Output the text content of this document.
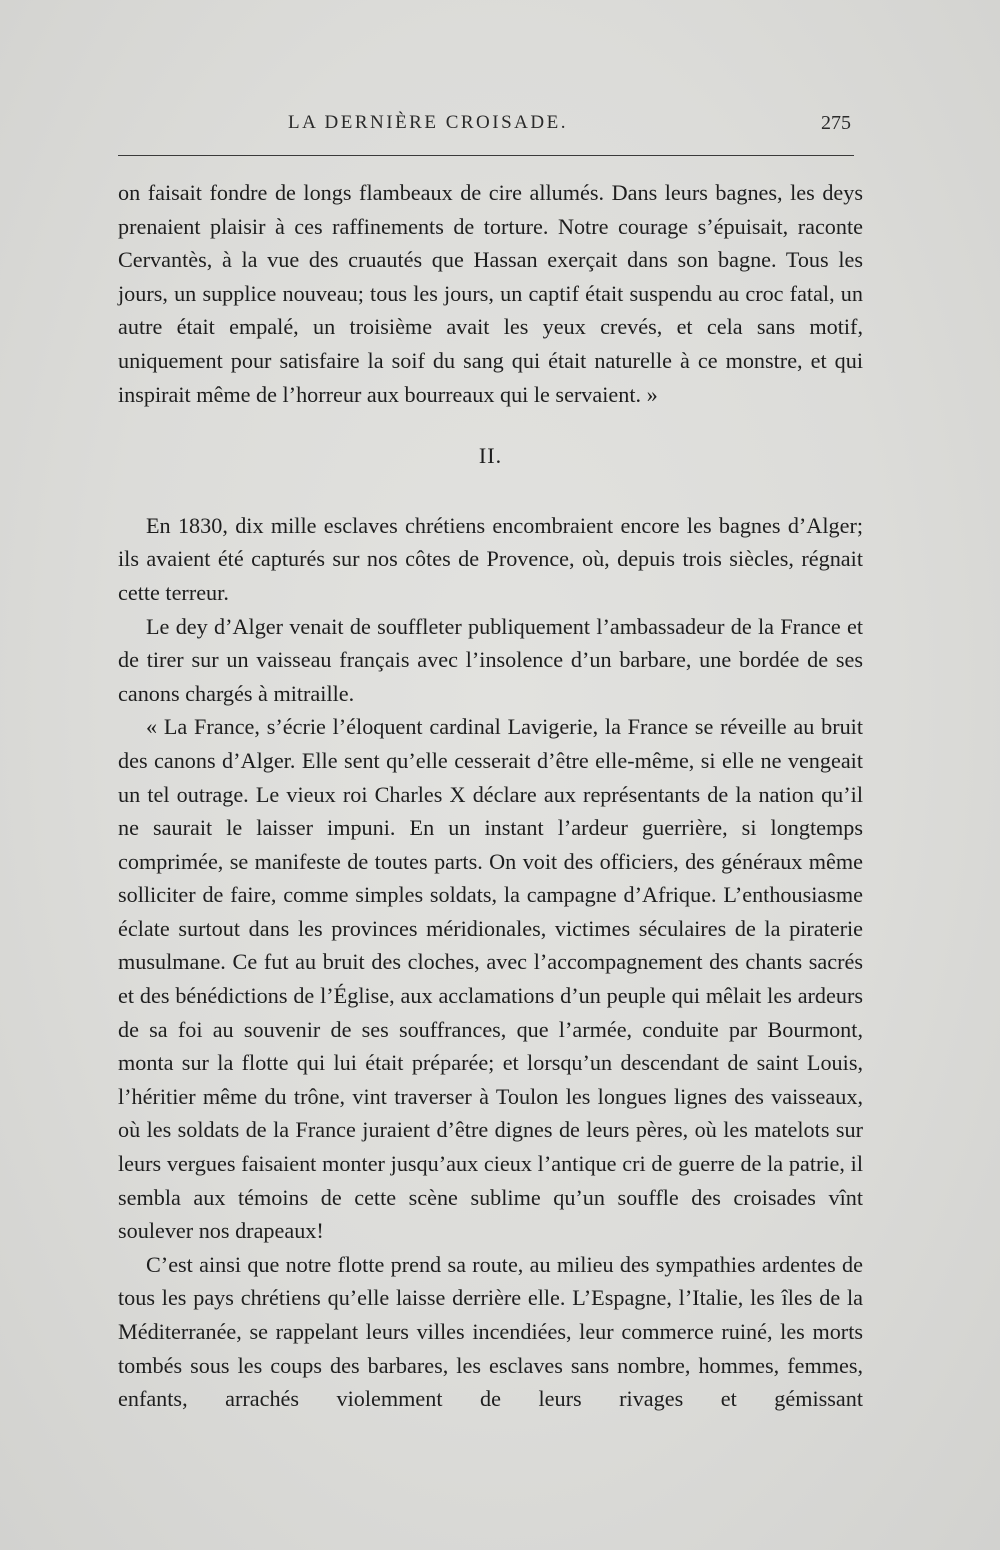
LA DERNIÈRE CROISADE.	275

on faisait fondre de longs flambeaux de cire allumés. Dans leurs bagnes, les deys prenaient plaisir à ces raffinements de torture. Notre courage s’épuisait, raconte Cervantès, à la vue des cruautés que Hassan exerçait dans son bagne. Tous les jours, un supplice nouveau; tous les jours, un captif était suspendu au croc fatal, un autre était empalé, un troisième avait les yeux crevés, et cela sans motif, uniquement pour satisfaire la soif du sang qui était naturelle à ce monstre, et qui inspirait même de l’horreur aux bourreaux qui le servaient. »

II.

En 1830, dix mille esclaves chrétiens encombraient encore les bagnes d’Alger; ils avaient été capturés sur nos côtes de Provence, où, depuis trois siècles, régnait cette terreur.

Le dey d’Alger venait de souffleter publiquement l’ambassadeur de la France et de tirer sur un vaisseau français avec l’insolence d’un barbare, une bordée de ses canons chargés à mitraille.

« La France, s’écrie l’éloquent cardinal Lavigerie, la France se réveille au bruit des canons d’Alger. Elle sent qu’elle cesserait d’être elle-même, si elle ne vengeait un tel outrage. Le vieux roi Charles X déclare aux représentants de la nation qu’il ne saurait le laisser impuni. En un instant l’ardeur guerrière, si longtemps comprimée, se manifeste de toutes parts. On voit des officiers, des généraux même solliciter de faire, comme simples soldats, la campagne d’Afrique. L’enthousiasme éclate surtout dans les provinces méridionales, victimes séculaires de la piraterie musulmane. Ce fut au bruit des cloches, avec l’accompagnement des chants sacrés et des bénédictions de l’Église, aux acclamations d’un peuple qui mêlait les ardeurs de sa foi au souvenir de ses souffrances, que l’armée, conduite par Bourmont, monta sur la flotte qui lui était préparée; et lorsqu’un descendant de saint Louis, l’héritier même du trône, vint traverser à Toulon les longues lignes des vaisseaux, où les soldats de la France juraient d’être dignes de leurs pères, où les matelots sur leurs vergues faisaient monter jusqu’aux cieux l’antique cri de guerre de la patrie, il sembla aux témoins de cette scène sublime qu’un souffle des croisades vînt soulever nos drapeaux!

C’est ainsi que notre flotte prend sa route, au milieu des sympathies ardentes de tous les pays chrétiens qu’elle laisse derrière elle. L’Espagne, l’Italie, les îles de la Méditerranée, se rappelant leurs villes incendiées, leur commerce ruiné, les morts tombés sous les coups des barbares, les esclaves sans nombre, hommes, femmes, enfants, arrachés violemment de leurs rivages et gémissant
